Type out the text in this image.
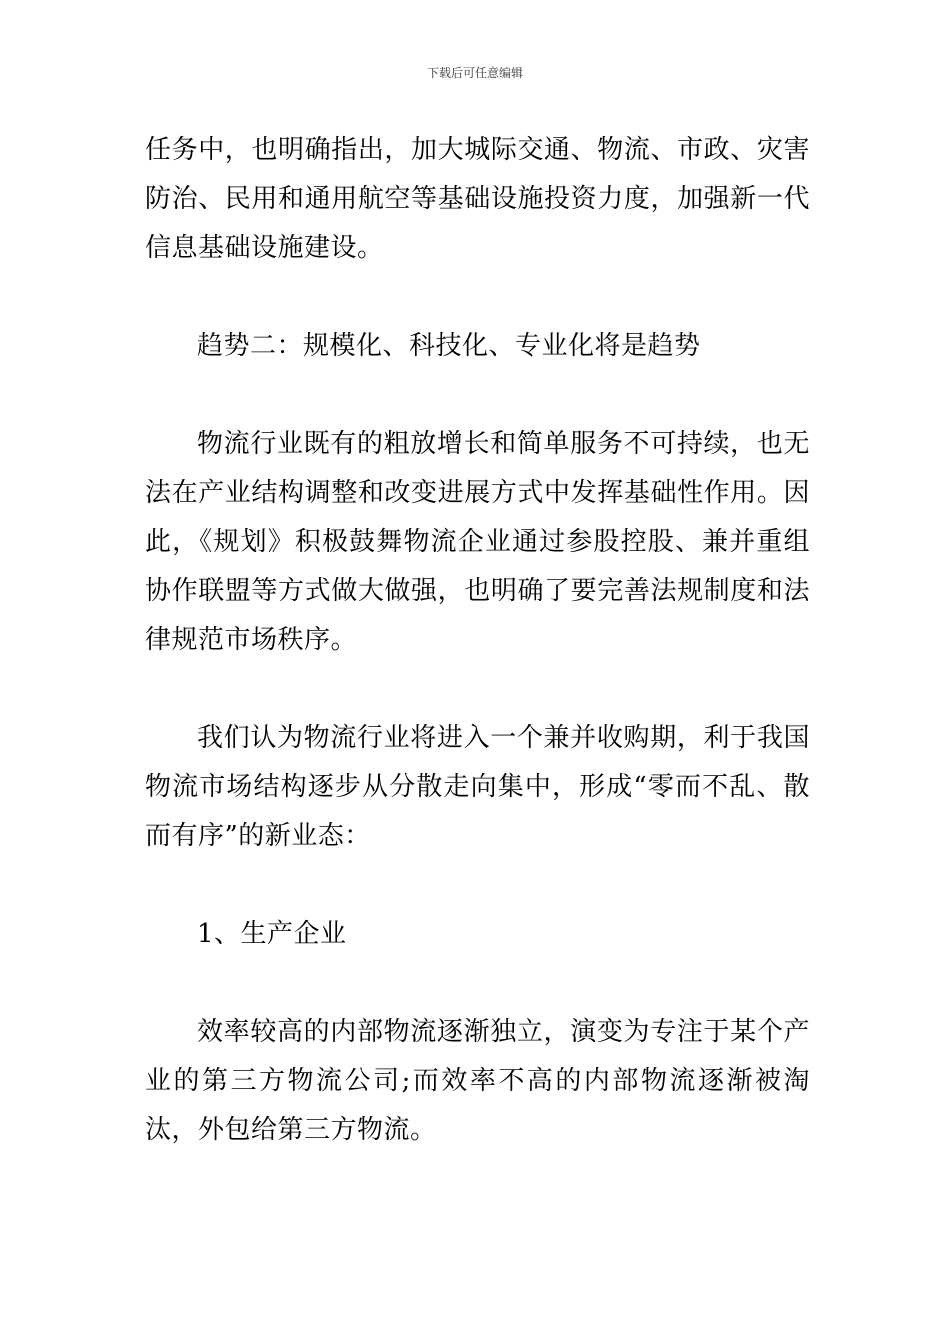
下载后可任意编辑

任务中，也明确指出，加大城际交通、物流、市政、灾害防治、民用和通用航空等基础设施投资力度，加强新一代信息基础设施建设。

趋势二：规模化、科技化、专业化将是趋势

物流行业既有的粗放增长和简单服务不可持续，也无法在产业结构调整和改变进展方式中发挥基础性作用。因此，《规划》积极鼓舞物流企业通过参股控股、兼并重组协作联盟等方式做大做强，也明确了要完善法规制度和法律规范市场秩序。

我们认为物流行业将进入一个兼并收购期，利于我国物流市场结构逐步从分散走向集中，形成“零而不乱、散而有序”的新业态：

1、生产企业

效率较高的内部物流逐渐独立，演变为专注于某个产业的第三方物流公司;而效率不高的内部物流逐渐被淘汰，外包给第三方物流。
